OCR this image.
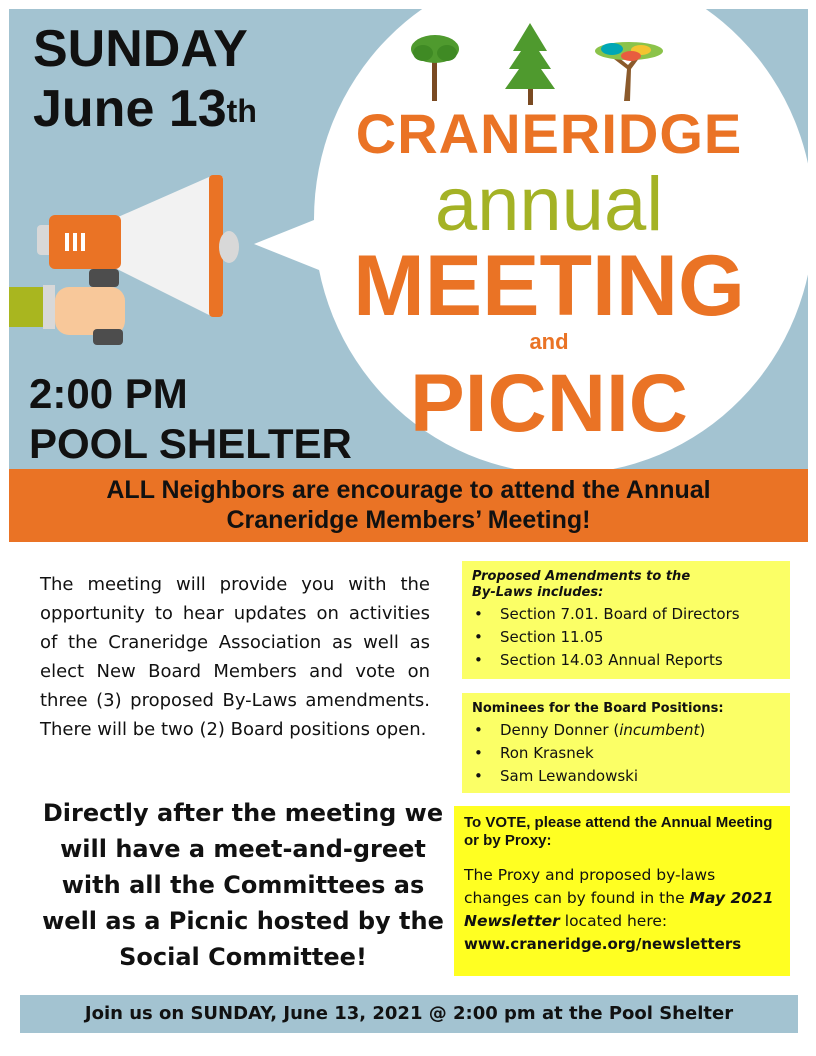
SUNDAY
June 13th	CRANERIDGE
annual
MEETING
and
PICNIC
2:00 PM
POOL SHELTER
ALL Neighbors are encourage to attend the Annual
Craneridge Members’ Meeting!
The meeting will provide you with the opportunity to hear updates on activities of the Craneridge Association as well as elect New Board Members and vote on three (3) proposed By-Laws amendments. There will be two (2) Board positions open.
Directly after the meeting we will have a meet-and-greet with all the Committees as well as a Picnic hosted by the Social Committee!
Proposed Amendments to the
By-Laws includes:
• Section 7.01. Board of Directors
• Section 11.05
• Section 14.03 Annual Reports
Nominees for the Board Positions:
• Denny Donner (incumbent)
• Ron Krasnek
• Sam Lewandowski
To VOTE, please attend the Annual Meeting or by Proxy:
The Proxy and proposed by-laws changes can by found in the May 2021 Newsletter located here:
www.craneridge.org/newsletters
Join us on SUNDAY, June 13, 2021 @ 2:00 pm at the Pool Shelter
